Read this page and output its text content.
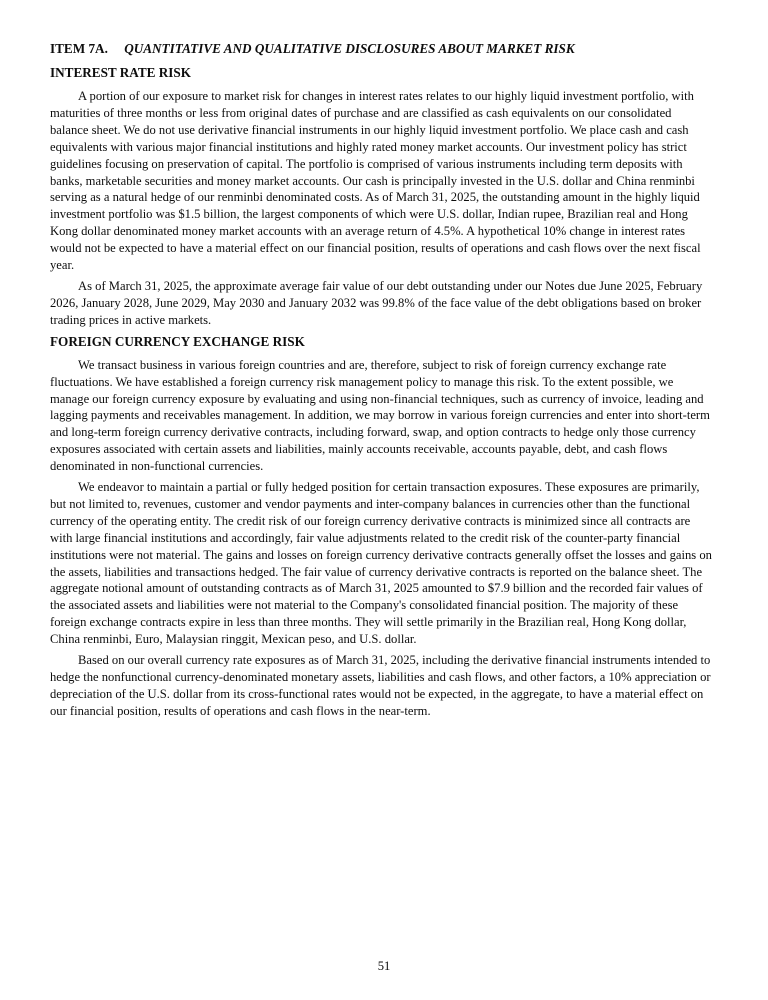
ITEM 7A. QUANTITATIVE AND QUALITATIVE DISCLOSURES ABOUT MARKET RISK
INTEREST RATE RISK

A portion of our exposure to market risk for changes in interest rates relates to our highly liquid investment portfolio, with maturities of three months or less from original dates of purchase and are classified as cash equivalents on our consolidated balance sheet. We do not use derivative financial instruments in our highly liquid investment portfolio. We place cash and cash equivalents with various major financial institutions and highly rated money market accounts. Our investment policy has strict guidelines focusing on preservation of capital. The portfolio is comprised of various instruments including term deposits with banks, marketable securities and money market accounts. Our cash is principally invested in the U.S. dollar and China renminbi serving as a natural hedge of our renminbi denominated costs. As of March 31, 2025, the outstanding amount in the highly liquid investment portfolio was $1.5 billion, the largest components of which were U.S. dollar, Indian rupee, Brazilian real and Hong Kong dollar denominated money market accounts with an average return of 4.5%. A hypothetical 10% change in interest rates would not be expected to have a material effect on our financial position, results of operations and cash flows over the next fiscal year.

As of March 31, 2025, the approximate average fair value of our debt outstanding under our Notes due June 2025, February 2026, January 2028, June 2029, May 2030 and January 2032 was 99.8% of the face value of the debt obligations based on broker trading prices in active markets.

FOREIGN CURRENCY EXCHANGE RISK

We transact business in various foreign countries and are, therefore, subject to risk of foreign currency exchange rate fluctuations. We have established a foreign currency risk management policy to manage this risk. To the extent possible, we manage our foreign currency exposure by evaluating and using non-financial techniques, such as currency of invoice, leading and lagging payments and receivables management. In addition, we may borrow in various foreign currencies and enter into short-term and long-term foreign currency derivative contracts, including forward, swap, and option contracts to hedge only those currency exposures associated with certain assets and liabilities, mainly accounts receivable, accounts payable, debt, and cash flows denominated in non-functional currencies.

We endeavor to maintain a partial or fully hedged position for certain transaction exposures. These exposures are primarily, but not limited to, revenues, customer and vendor payments and inter-company balances in currencies other than the functional currency of the operating entity. The credit risk of our foreign currency derivative contracts is minimized since all contracts are with large financial institutions and accordingly, fair value adjustments related to the credit risk of the counter-party financial institutions were not material. The gains and losses on foreign currency derivative contracts generally offset the losses and gains on the assets, liabilities and transactions hedged. The fair value of currency derivative contracts is reported on the balance sheet. The aggregate notional amount of outstanding contracts as of March 31, 2025 amounted to $7.9 billion and the recorded fair values of the associated assets and liabilities were not material to the Company's consolidated financial position. The majority of these foreign exchange contracts expire in less than three months. They will settle primarily in the Brazilian real, Hong Kong dollar, China renminbi, Euro, Malaysian ringgit, Mexican peso, and U.S. dollar.

Based on our overall currency rate exposures as of March 31, 2025, including the derivative financial instruments intended to hedge the nonfunctional currency-denominated monetary assets, liabilities and cash flows, and other factors, a 10% appreciation or depreciation of the U.S. dollar from its cross-functional rates would not be expected, in the aggregate, to have a material effect on our financial position, results of operations and cash flows in the near-term.

51
